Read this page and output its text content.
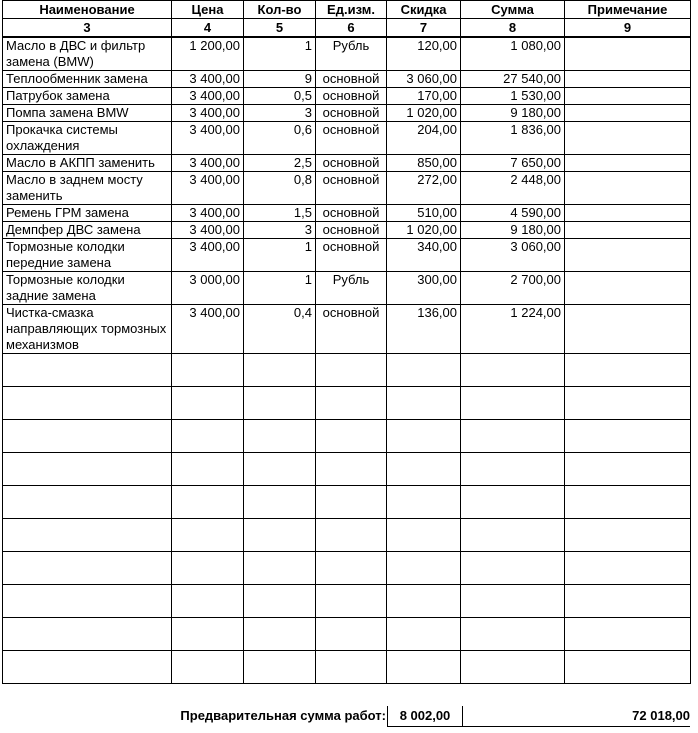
Наименование	Цена	Кол-во	Ед.изм.	Скидка	Сумма	Примечание
3	4	5	6	7	8	9
Масло в ДВС и фильтр замена (BMW)	1 200,00	1	Рубль	120,00	1 080,00	
Теплообменник замена	3 400,00	9	основной	3 060,00	27 540,00	
Патрубок замена	3 400,00	0,5	основной	170,00	1 530,00	
Помпа замена BMW	3 400,00	3	основной	1 020,00	9 180,00	
Прокачка системы охлаждения	3 400,00	0,6	основной	204,00	1 836,00	
Масло в АКПП заменить	3 400,00	2,5	основной	850,00	7 650,00	
Масло в заднем мосту заменить	3 400,00	0,8	основной	272,00	2 448,00	
Ремень ГРМ замена	3 400,00	1,5	основной	510,00	4 590,00	
Демпфер ДВС замена	3 400,00	3	основной	1 020,00	9 180,00	
Тормозные колодки передние замена	3 400,00	1	основной	340,00	3 060,00	
Тормозные колодки задние замена	3 000,00	1	Рубль	300,00	2 700,00	
Чистка-смазка направляющих тормозных механизмов	3 400,00	0,4	основной	136,00	1 224,00	

Предварительная сумма работ:	8 002,00	72 018,00
